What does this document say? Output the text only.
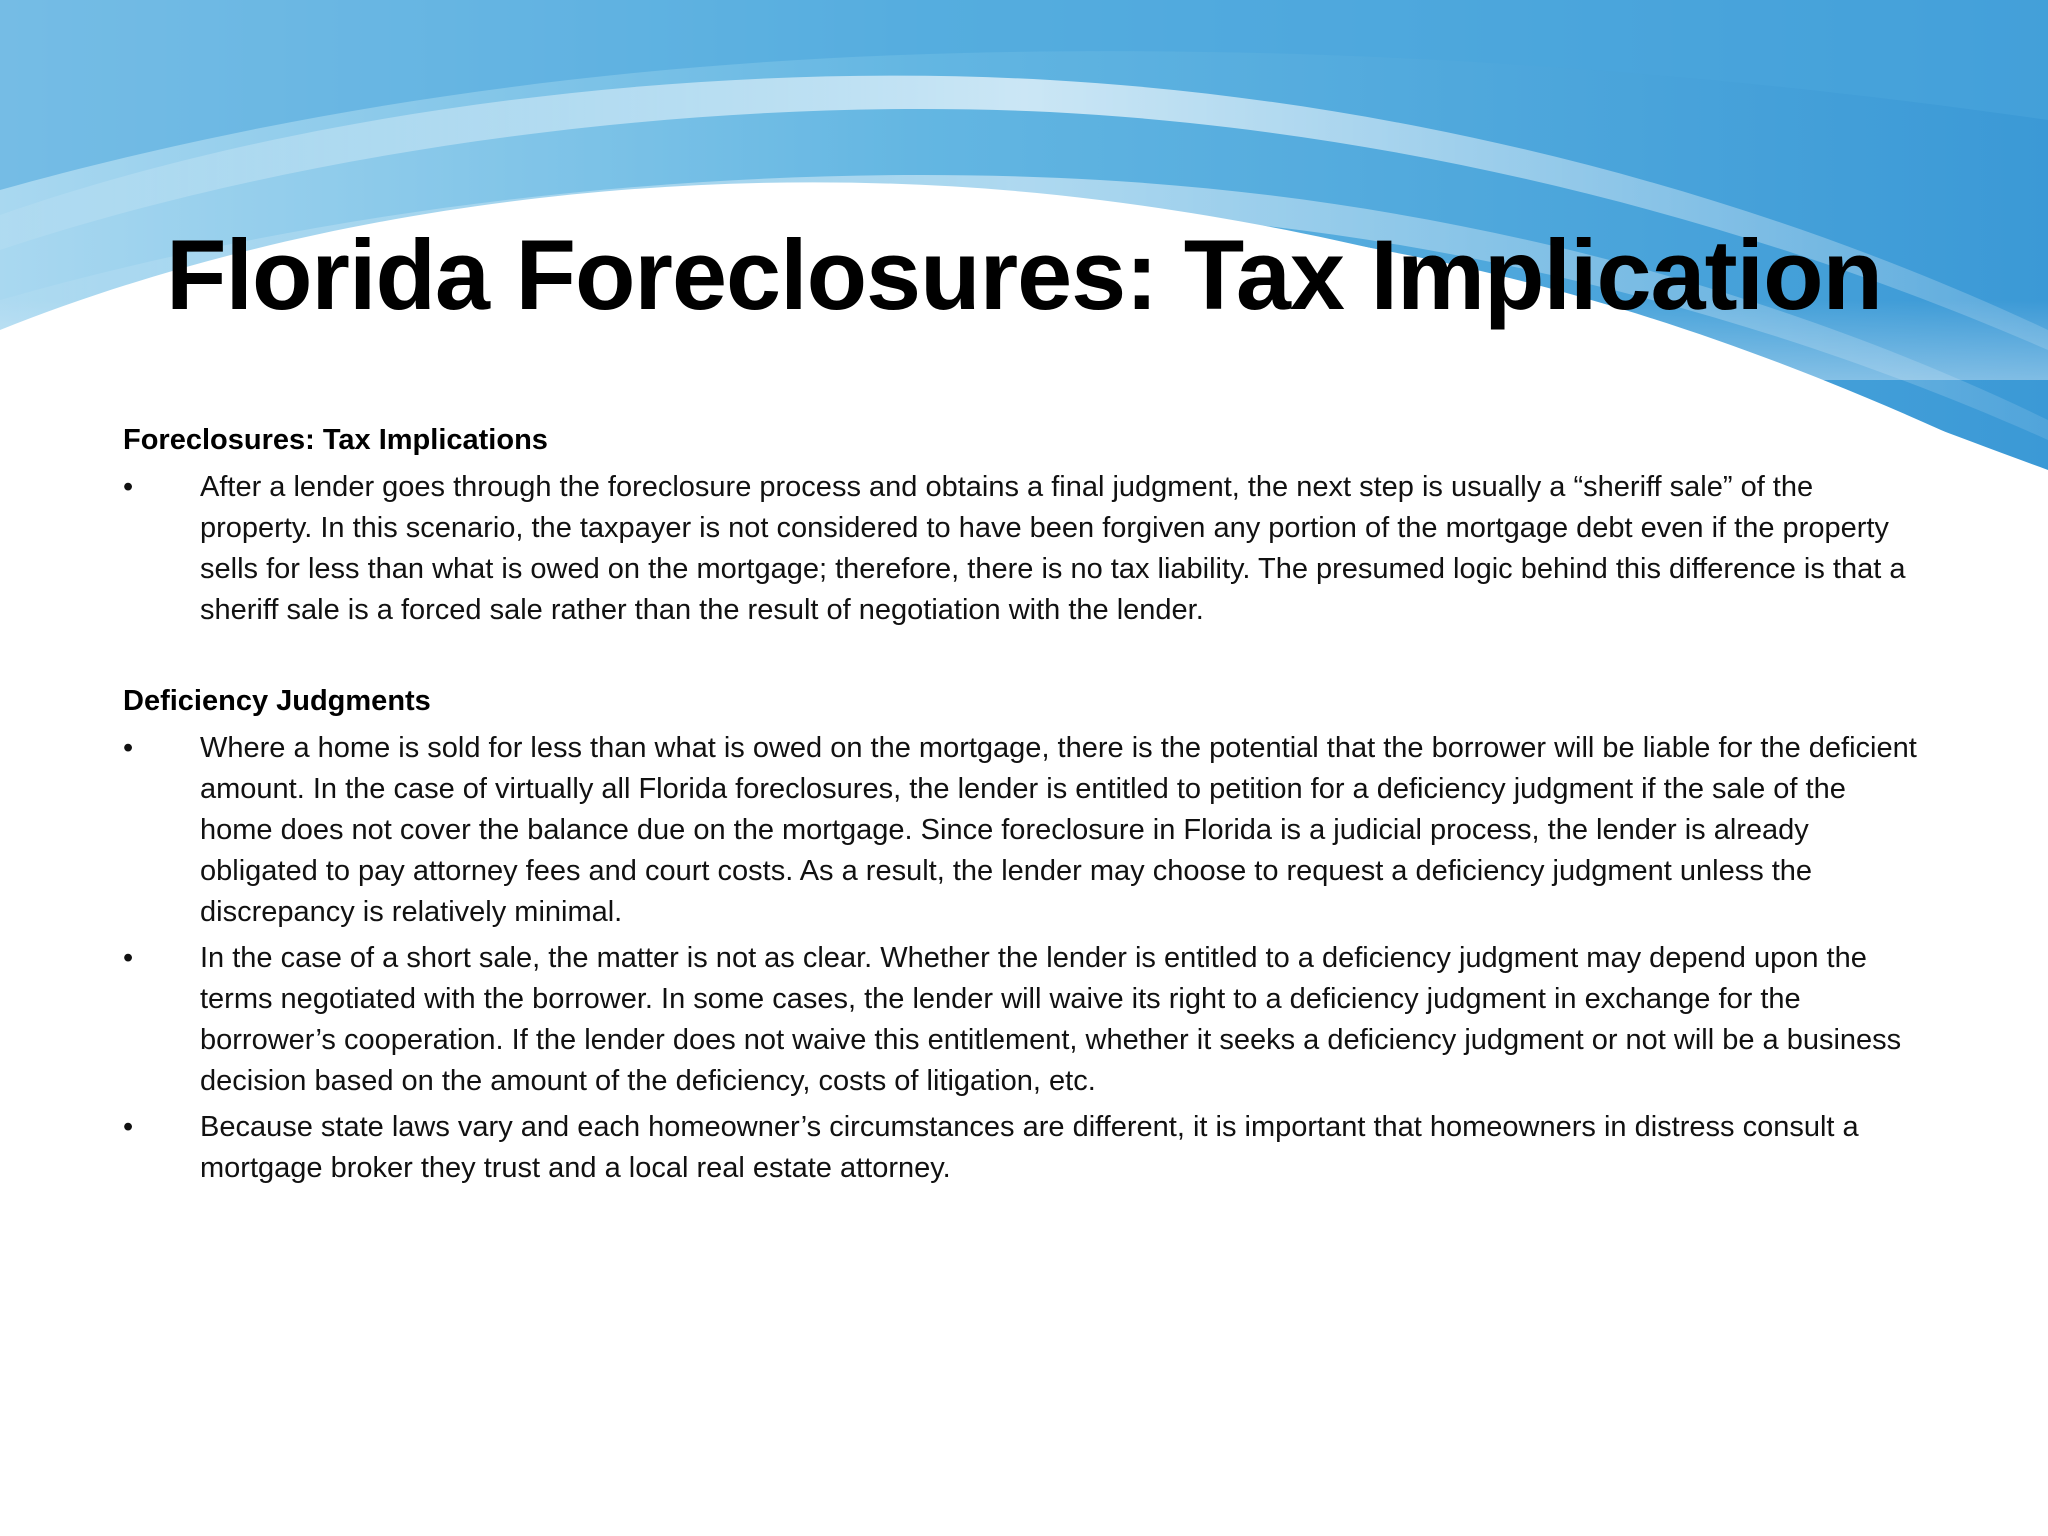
Florida Foreclosures: Tax Implication

Foreclosures: Tax Implications

•	After a lender goes through the foreclosure process and obtains a final judgment, the next step is usually a “sheriff sale” of the property. In this scenario, the taxpayer is not considered to have been forgiven any portion of the mortgage debt even if the property sells for less than what is owed on the mortgage; therefore, there is no tax liability. The presumed logic behind this difference is that a sheriff sale is a forced sale rather than the result of negotiation with the lender.

Deficiency Judgments

•	Where a home is sold for less than what is owed on the mortgage, there is the potential that the borrower will be liable for the deficient amount. In the case of virtually all Florida foreclosures, the lender is entitled to petition for a deficiency judgment if the sale of the home does not cover the balance due on the mortgage. Since foreclosure in Florida is a judicial process, the lender is already obligated to pay attorney fees and court costs. As a result, the lender may choose to request a deficiency judgment unless the discrepancy is relatively minimal.
•	In the case of a short sale, the matter is not as clear. Whether the lender is entitled to a deficiency judgment may depend upon the terms negotiated with the borrower. In some cases, the lender will waive its right to a deficiency judgment in exchange for the borrower’s cooperation. If the lender does not waive this entitlement, whether it seeks a deficiency judgment or not will be a business decision based on the amount of the deficiency, costs of litigation, etc.
•	Because state laws vary and each homeowner’s circumstances are different, it is important that homeowners in distress consult a mortgage broker they trust and a local real estate attorney.
